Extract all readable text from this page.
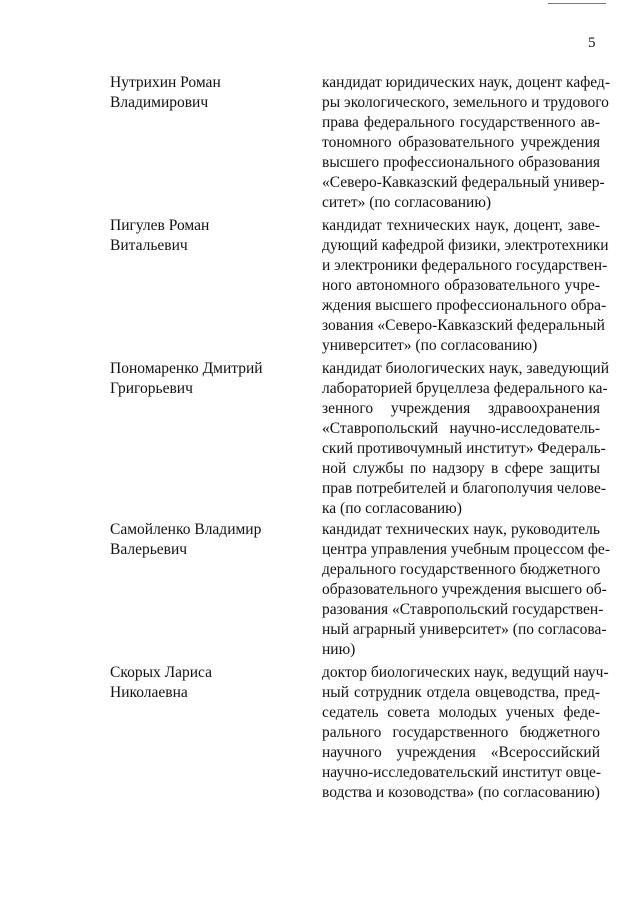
5
Нутрихин Роман
Владимирович
кандидат юридических наук, доцент кафед-
ры экологического, земельного и трудового
права федерального государственного ав-
тономного образовательного учреждения
высшего профессионального образования
«Северо-Кавказский федеральный универ-
ситет» (по согласованию)
Пигулев Роман
Витальевич
кандидат технических наук, доцент, заве-
дующий кафедрой физики, электротехники
и электроники федерального государствен-
ного автономного образовательного учре-
ждения высшего профессионального обра-
зования «Северо-Кавказский федеральный
университет» (по согласованию)
Пономаренко Дмитрий
Григорьевич
кандидат биологических наук, заведующий
лабораторией бруцеллеза федерального ка-
зенного учреждения здравоохранения
«Ставропольский научно-исследователь-
ский противочумный институт» Федераль-
ной службы по надзору в сфере защиты
прав потребителей и благополучия челове-
ка (по согласованию)
Самойленко Владимир
Валерьевич
кандидат технических наук, руководитель
центра управления учебным процессом фе-
дерального государственного бюджетного
образовательного учреждения высшего об-
разования «Ставропольский государствен-
ный аграрный университет» (по согласова-
нию)
Скорых Лариса
Николаевна
доктор биологических наук, ведущий науч-
ный сотрудник отдела овцеводства, пред-
седатель совета молодых ученых феде-
рального государственного бюджетного
научного учреждения «Всероссийский
научно-исследовательский институт овце-
водства и козоводства» (по согласованию)
